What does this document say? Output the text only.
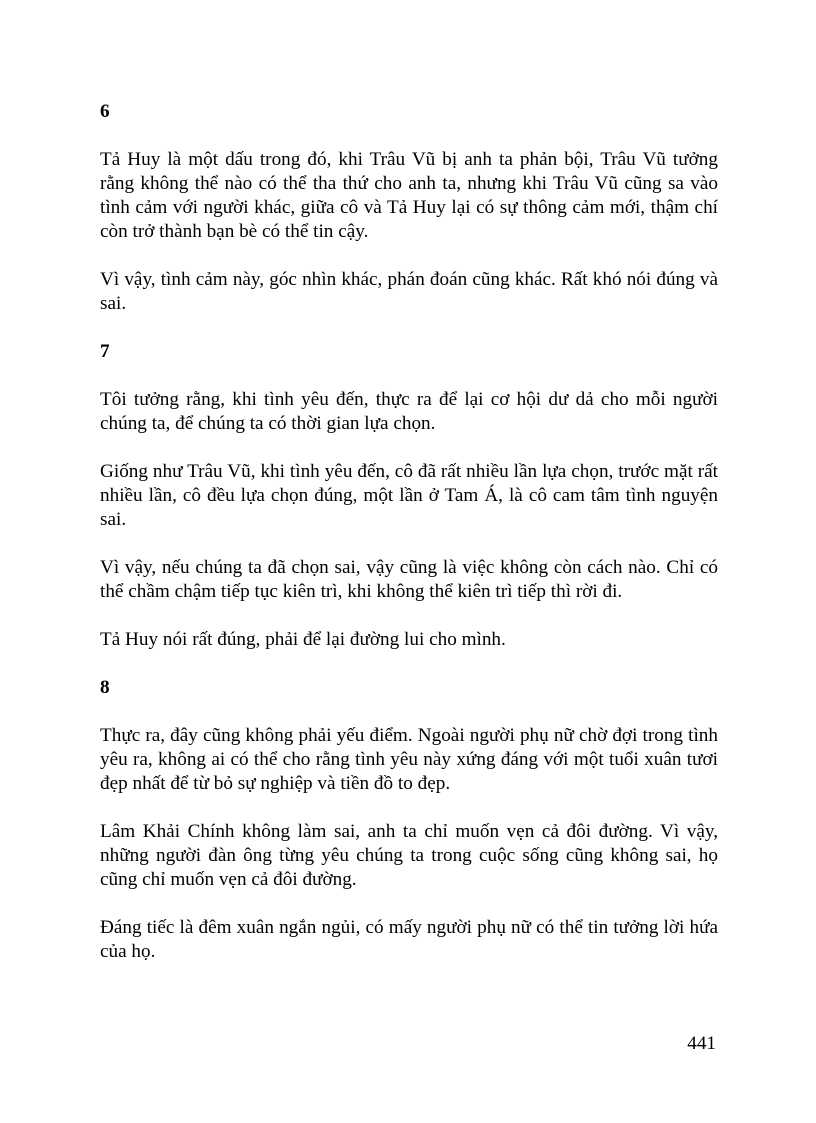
6

Tả Huy là một dấu trong đó, khi Trâu Vũ bị anh ta phản bội, Trâu Vũ tưởng rằng không thể nào có thể tha thứ cho anh ta, nhưng khi Trâu Vũ cũng sa vào tình cảm với người khác, giữa cô và Tả Huy lại có sự thông cảm mới, thậm chí còn trở thành bạn bè có thể tin cậy.

Vì vậy, tình cảm này, góc nhìn khác, phán đoán cũng khác. Rất khó nói đúng và sai.

7

Tôi tưởng rằng, khi tình yêu đến, thực ra để lại cơ hội dư dả cho mỗi người chúng ta, để chúng ta có thời gian lựa chọn.

Giống như Trâu Vũ, khi tình yêu đến, cô đã rất nhiều lần lựa chọn, trước mặt rất nhiều lần, cô đều lựa chọn đúng, một lần ở Tam Á, là cô cam tâm tình nguyện sai.

Vì vậy, nếu chúng ta đã chọn sai, vậy cũng là việc không còn cách nào. Chỉ có thể chầm chậm tiếp tục kiên trì, khi không thể kiên trì tiếp thì rời đi.

Tả Huy nói rất đúng, phải để lại đường lui cho mình.

8

Thực ra, đây cũng không phải yếu điểm. Ngoài người phụ nữ chờ đợi trong tình yêu ra, không ai có thể cho rằng tình yêu này xứng đáng với một tuổi xuân tươi đẹp nhất để từ bỏ sự nghiệp và tiền đồ to đẹp.

Lâm Khải Chính không làm sai, anh ta chỉ muốn vẹn cả đôi đường. Vì vậy, những người đàn ông từng yêu chúng ta trong cuộc sống cũng không sai, họ cũng chỉ muốn vẹn cả đôi đường.

Đáng tiếc là đêm xuân ngắn ngủi, có mấy người phụ nữ có thể tin tưởng lời hứa của họ.

441
